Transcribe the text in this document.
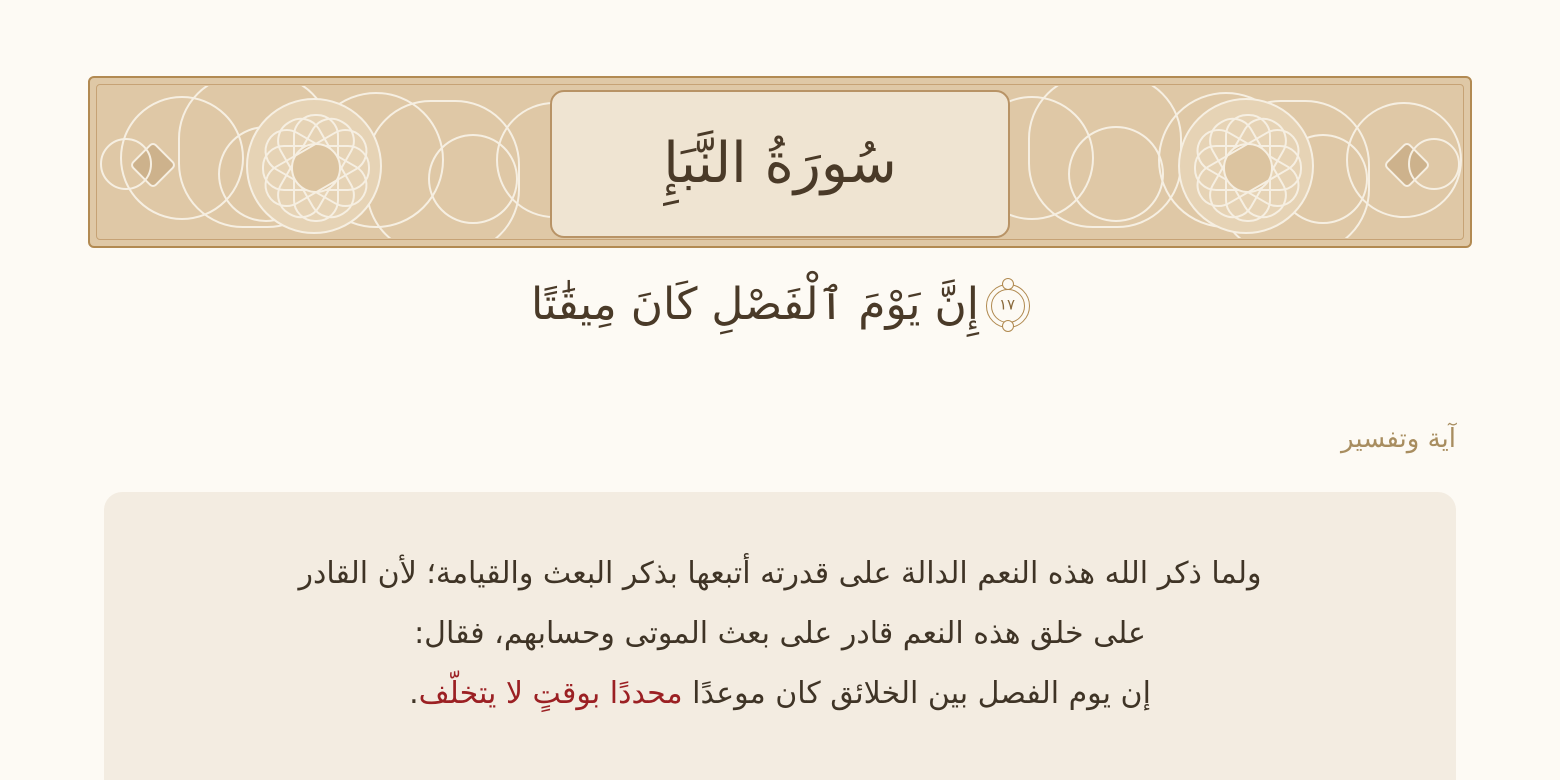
سُورَةُ النَّبَإِ
١٧
إِنَّ يَوْمَ ٱلْفَصْلِ كَانَ مِيقَٰتًا
آية وتفسير

ولما ذكر الله هذه النعم الدالة على قدرته أتبعها بذكر البعث والقيامة؛ لأن القادر
على خلق هذه النعم قادر على بعث الموتى وحسابهم، فقال:
إن يوم الفصل بين الخلائق كان موعدًا محددًا بوقتٍ لا يتخلّف.
